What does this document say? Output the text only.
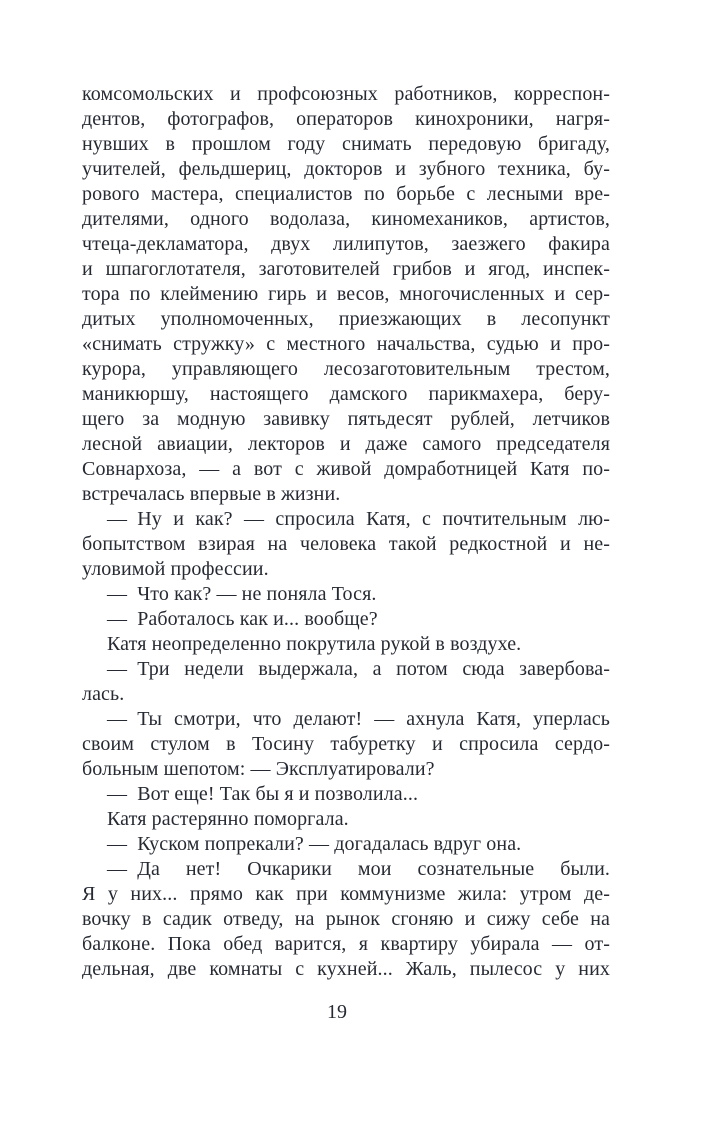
комсомольских и профсоюзных работников, корреспон-
дентов, фотографов, операторов кинохроники, нагря-
нувших в прошлом году снимать передовую бригаду,
учителей, фельдшериц, докторов и зубного техника, бу-
рового мастера, специалистов по борьбе с лесными вре-
дителями, одного водолаза, киномехаников, артистов,
чтеца-декламатора, двух лилипутов, заезжего факира
и шпагоглотателя, заготовителей грибов и ягод, инспек-
тора по клеймению гирь и весов, многочисленных и сер-
дитых уполномоченных, приезжающих в лесопункт
«снимать стружку» с местного начальства, судью и про-
курора, управляющего лесозаготовительным трестом,
маникюршу, настоящего дамского парикмахера, беру-
щего за модную завивку пятьдесят рублей, летчиков
лесной авиации, лекторов и даже самого председателя
Совнархоза, — а вот с живой домработницей Катя по-
встречалась впервые в жизни.
— Ну и как? — спросила Катя, с почтительным лю-
бопытством взирая на человека такой редкостной и не-
уловимой профессии.
— Что как? — не поняла Тося.
— Работалось как и... вообще?
Катя неопределенно покрутила рукой в воздухе.
— Три недели выдержала, а потом сюда завербова-
лась.
— Ты смотри, что делают! — ахнула Катя, уперлась
своим стулом в Тосину табуретку и спросила сердо-
больным шепотом: — Эксплуатировали?
— Вот еще! Так бы я и позволила...
Катя растерянно поморгала.
— Куском попрекали? — догадалась вдруг она.
— Да нет! Очкарики мои сознательные были.
Я у них... прямо как при коммунизме жила: утром де-
вочку в садик отведу, на рынок сгоняю и сижу себе на
балконе. Пока обед варится, я квартиру убирала — от-
дельная, две комнаты с кухней... Жаль, пылесос у них
19
